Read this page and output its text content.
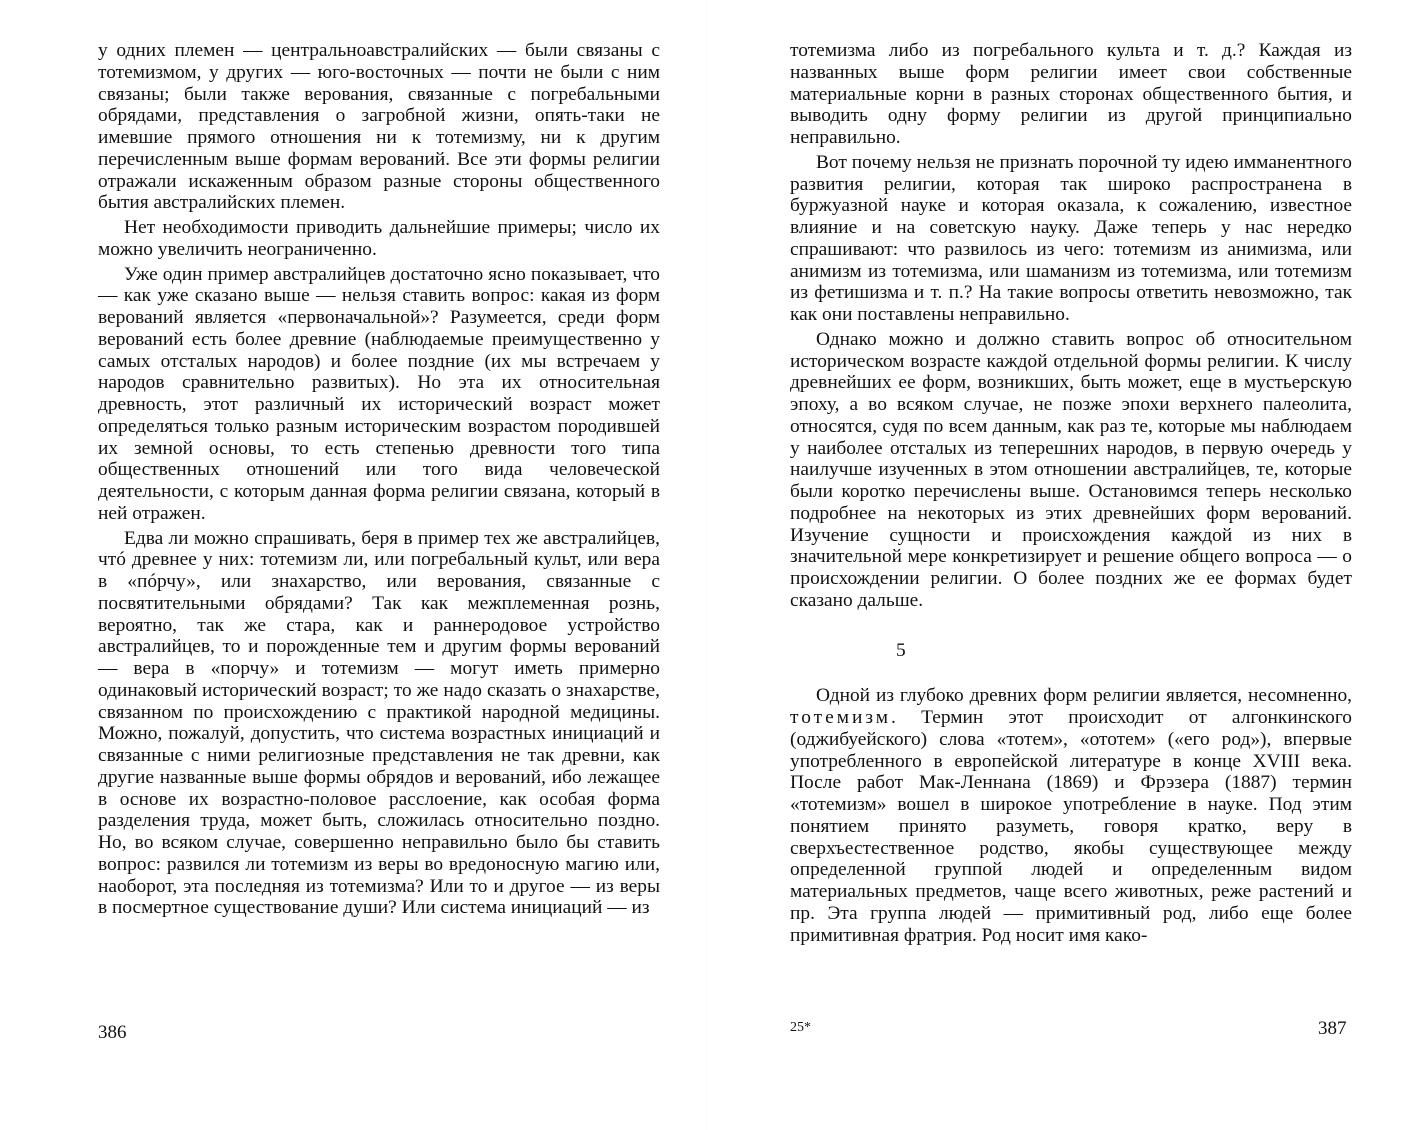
у одних племен — центральноавстралийских — были связаны с тотемизмом, у других — юго-восточных — почти не были с ним связаны; были также верования, связанные с погребальными обрядами, представления о загробной жизни, опять-таки не имевшие прямого отношения ни к тотемизму, ни к другим перечисленным выше формам верований. Все эти формы религии отражали искаженным образом разные стороны общественного бытия австралийских племен.

Нет необходимости приводить дальнейшие примеры; число их можно увеличить неограниченно.

Уже один пример австралийцев достаточно ясно показывает, что — как уже сказано выше — нельзя ставить вопрос: какая из форм верований является «первоначальной»? Разумеется, среди форм верований есть более древние (наблюдаемые преимущественно у самых отсталых народов) и более поздние (их мы встречаем у народов сравнительно развитых). Но эта их относительная древность, этот различный их исторический возраст может определяться только разным историческим возрастом породившей их земной основы, то есть степенью древности того типа общественных отношений или того вида человеческой деятельности, с которым данная форма религии связана, который в ней отражен.

Едва ли можно спрашивать, беря в пример тех же австралийцев, чтó древнее у них: тотемизм ли, или погребальный культ, или вера в «пóрчу», или знахарство, или верования, связанные с посвятительными обрядами? Так как межплеменная рознь, вероятно, так же стара, как и раннеродовое устройство австралийцев, то и порожденные тем и другим формы верований — вера в «порчу» и тотемизм — могут иметь примерно одинаковый исторический возраст; то же надо сказать о знахарстве, связанном по происхождению с практикой народной медицины. Можно, пожалуй, допустить, что система возрастных инициаций и связанные с ними религиозные представления не так древни, как другие названные выше формы обрядов и верований, ибо лежащее в основе их возрастно-половое расслоение, как особая форма разделения труда, может быть, сложилась относительно поздно. Но, во всяком случае, совершенно неправильно было бы ставить вопрос: развился ли тотемизм из веры во вредоносную магию или, наоборот, эта последняя из тотемизма? Или то и другое — из веры в посмертное существование души? Или система инициаций — из

386

тотемизма либо из погребального культа и т. д.? Каждая из названных выше форм религии имеет свои собственные материальные корни в разных сторонах общественного бытия, и выводить одну форму религии из другой принципиально неправильно.

Вот почему нельзя не признать порочной ту идею имманентного развития религии, которая так широко распространена в буржуазной науке и которая оказала, к сожалению, известное влияние и на советскую науку. Даже теперь у нас нередко спрашивают: что развилось из чего: тотемизм из анимизма, или анимизм из тотемизма, или шаманизм из тотемизма, или тотемизм из фетишизма и т. п.? На такие вопросы ответить невозможно, так как они поставлены неправильно.

Однако можно и должно ставить вопрос об относительном историческом возрасте каждой отдельной формы религии. К числу древнейших ее форм, возникших, быть может, еще в мустьерскую эпоху, а во всяком случае, не позже эпохи верхнего палеолита, относятся, судя по всем данным, как раз те, которые мы наблюдаем у наиболее отсталых из теперешних народов, в первую очередь у наилучше изученных в этом отношении австралийцев, те, которые были коротко перечислены выше. Остановимся теперь несколько подробнее на некоторых из этих древнейших форм верований. Изучение сущности и происхождения каждой из них в значительной мере конкретизирует и решение общего вопроса — о происхождении религии. О более поздних же ее формах будет сказано дальше.

5

Одной из глубоко древних форм религии является, несомненно, тотемизм. Термин этот происходит от алгонкинского (оджибуейского) слова «тотем», «ототем» («его род»), впервые употребленного в европейской литературе в конце XVIII века. После работ Мак-Леннана (1869) и Фрэзера (1887) термин «тотемизм» вошел в широкое употребление в науке. Под этим понятием принято разуметь, говоря кратко, веру в сверхъестественное родство, якобы существующее между определенной группой людей и определенным видом материальных предметов, чаще всего животных, реже растений и пр. Эта группа людей — примитивный род, либо еще более примитивная фратрия. Род носит имя како-

25*	387
